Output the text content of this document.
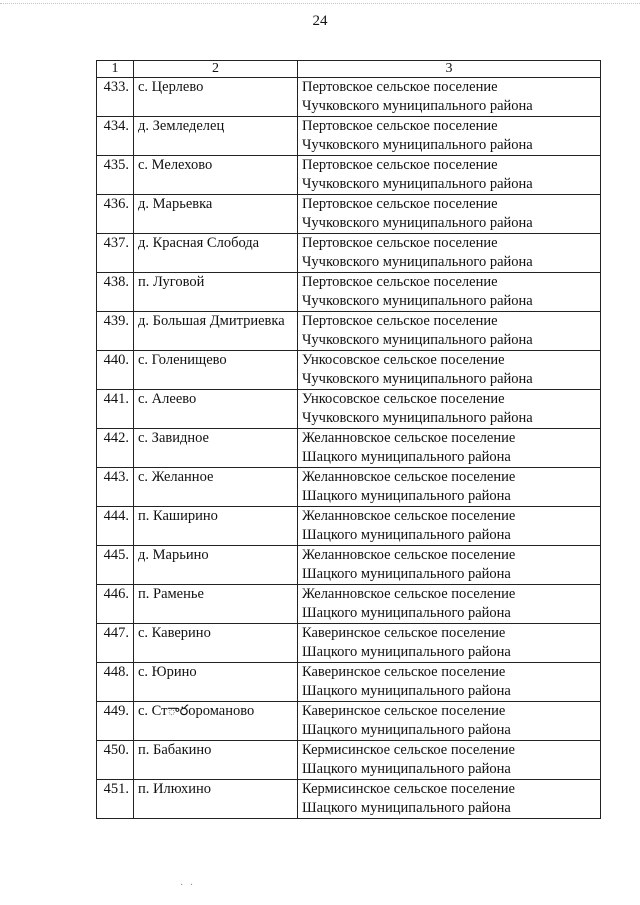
24
1	2	3
433.	с. Церлево	Пертовское сельское поселение
Чучковского муниципального района

434.	д. Земледелец	Пертовское сельское поселение
Чучковского муниципального района

435.	с. Мелехово	Пертовское сельское поселение
Чучковского муниципального района

436.	д. Марьевка	Пертовское сельское поселение
Чучковского муниципального района

437.	д. Красная Слобода	Пертовское сельское поселение
Чучковского муниципального района

438.	п. Луговой	Пертовское сельское поселение
Чучковского муниципального района

439.	д. Большая Дмитриевка	Пертовское сельское поселение
Чучковского муниципального района

440.	с. Голенищево	Ункосовское сельское поселение
Чучковского муниципального района

441.	с. Алеево	Ункосовское сельское поселение
Чучковского муниципального района

442.	с. Завидное	Желанновское сельское поселение
Шацкого муниципального района

443.	с. Желанное	Желанновское сельское поселение
Шацкого муниципального района

444.	п. Каширино	Желанновское сельское поселение
Шацкого муниципального района

445.	д. Марьино	Желанновское сельское поселение
Шацкого муниципального района

446.	п. Раменье	Желанновское сельское поселение
Шацкого муниципального района

447.	с. Каверино	Каверинское сельское поселение
Шацкого муниципального района

448.	с. Юрино	Каверинское сельское поселение
Шацкого муниципального района

449.	с. Стారороманово	Каверинское сельское поселение
Шацкого муниципального района

450.	п. Бабакино	Кермисинское сельское поселение
Шацкого муниципального района

451.	п. Илюхино	Кермисинское сельское поселение
Шацкого муниципального района
· ·
